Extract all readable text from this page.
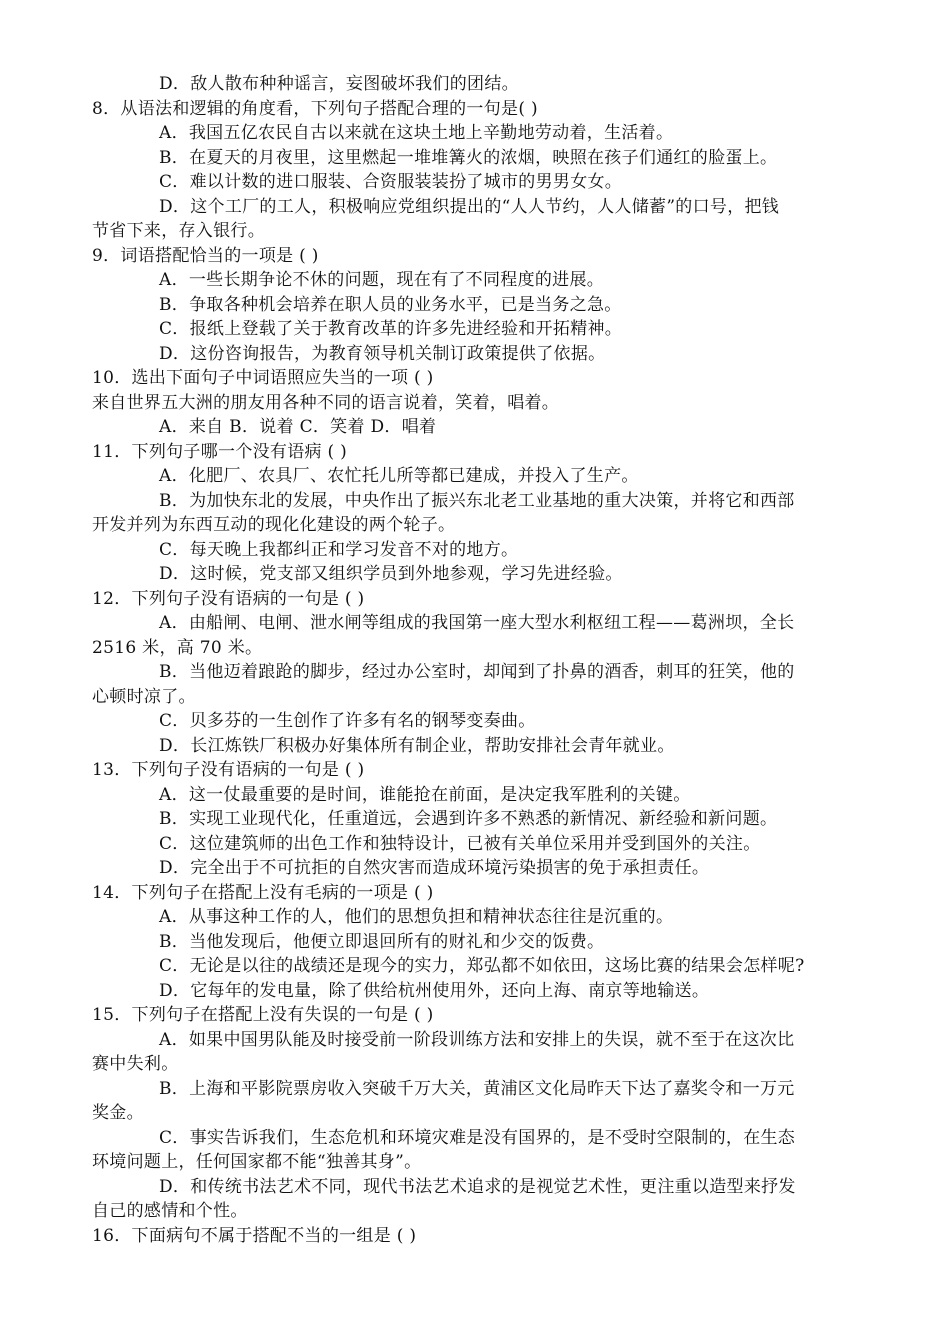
D．敌人散布种种谣言，妄图破坏我们的团结。
8．从语法和逻辑的角度看，下列句子搭配合理的一句是( )
A．我国五亿农民自古以来就在这块土地上辛勤地劳动着，生活着。
B．在夏天的月夜里，这里燃起一堆堆篝火的浓烟，映照在孩子们通红的脸蛋上。
C．难以计数的进口服装、合资服装装扮了城市的男男女女。
D．这个工厂的工人，积极响应党组织提出的“人人节约，人人储蓄”的口号，把钱
节省下来，存入银行。
9．词语搭配恰当的一项是 ( )
A．一些长期争论不休的问题，现在有了不同程度的进展。
B．争取各种机会培养在职人员的业务水平，已是当务之急。
C．报纸上登载了关于教育改革的许多先进经验和开拓精神。
D．这份咨询报告，为教育领导机关制订政策提供了依据。
10．选出下面句子中词语照应失当的一项 ( )
来自世界五大洲的朋友用各种不同的语言说着，笑着，唱着。
A．来自 B．说着 C．笑着 D．唱着
11．下列句子哪一个没有语病 ( )
A．化肥厂、农具厂、农忙托儿所等都已建成，并投入了生产。
B．为加快东北的发展，中央作出了振兴东北老工业基地的重大决策，并将它和西部
开发并列为东西互动的现化化建设的两个轮子。
C．每天晚上我都纠正和学习发音不对的地方。
D．这时候，党支部又组织学员到外地参观，学习先进经验。
12．下列句子没有语病的一句是 ( )
A．由船闸、电闸、泄水闸等组成的我国第一座大型水利枢纽工程——葛洲坝，全长
2516 米，高 70 米。
B．当他迈着踉跄的脚步，经过办公室时，却闻到了扑鼻的酒香，刺耳的狂笑，他的
心顿时凉了。
C．贝多芬的一生创作了许多有名的钢琴变奏曲。
D．长江炼铁厂积极办好集体所有制企业，帮助安排社会青年就业。
13．下列句子没有语病的一句是 ( )
A．这一仗最重要的是时间，谁能抢在前面，是决定我军胜利的关键。
B．实现工业现代化，任重道远，会遇到许多不熟悉的新情况、新经验和新问题。
C．这位建筑师的出色工作和独特设计，已被有关单位采用并受到国外的关注。
D．完全出于不可抗拒的自然灾害而造成环境污染损害的免于承担责任。
14．下列句子在搭配上没有毛病的一项是 ( )
A．从事这种工作的人，他们的思想负担和精神状态往往是沉重的。
B．当他发现后，他便立即退回所有的财礼和少交的饭费。
C．无论是以往的战绩还是现今的实力，郑弘都不如依田，这场比赛的结果会怎样呢?
D．它每年的发电量，除了供给杭州使用外，还向上海、南京等地输送。
15．下列句子在搭配上没有失误的一句是 ( )
A．如果中国男队能及时接受前一阶段训练方法和安排上的失误，就不至于在这次比
赛中失利。
B．上海和平影院票房收入突破千万大关，黄浦区文化局昨天下达了嘉奖令和一万元
奖金。
C．事实告诉我们，生态危机和环境灾难是没有国界的，是不受时空限制的，在生态
环境问题上，任何国家都不能“独善其身”。
D．和传统书法艺术不同，现代书法艺术追求的是视觉艺术性，更注重以造型来抒发
自己的感情和个性。
16．下面病句不属于搭配不当的一组是 ( )
